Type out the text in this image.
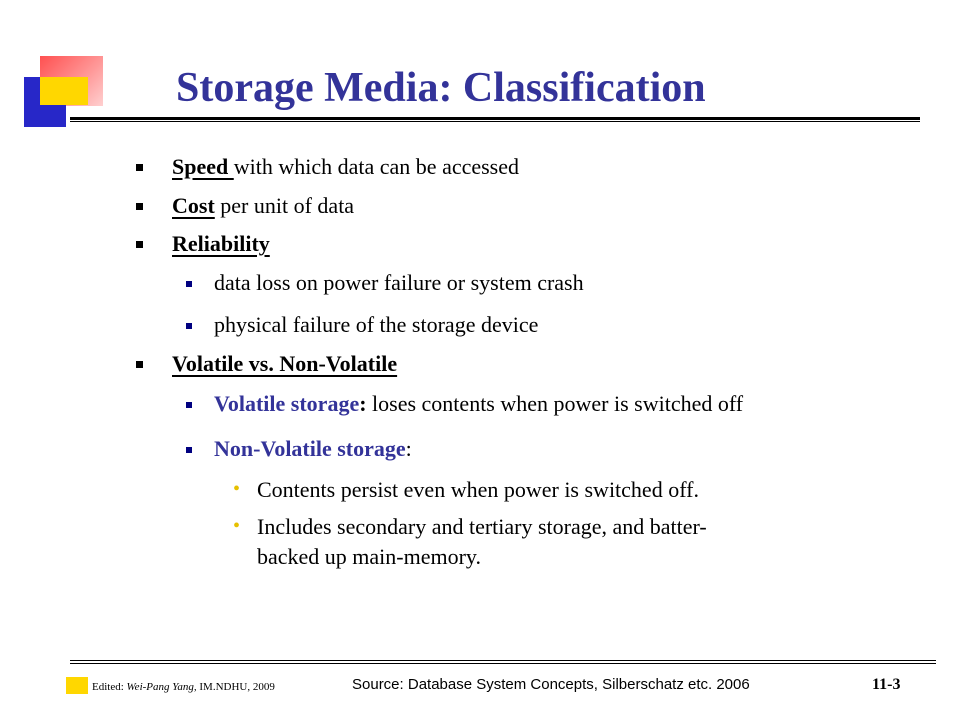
Storage Media: Classification
Speed with which data can be accessed
Cost per unit of data
Reliability
data loss on power failure or system crash
physical failure of the storage device
Volatile vs. Non-Volatile
Volatile storage: loses contents when power is switched off
Non-Volatile storage:
• Contents persist even when power is switched off.
• Includes secondary and tertiary storage, and batter-
backed up main-memory.
Edited: Wei-Pang Yang, IM.NDHU, 2009	Source: Database System Concepts, Silberschatz etc. 2006	11-3
